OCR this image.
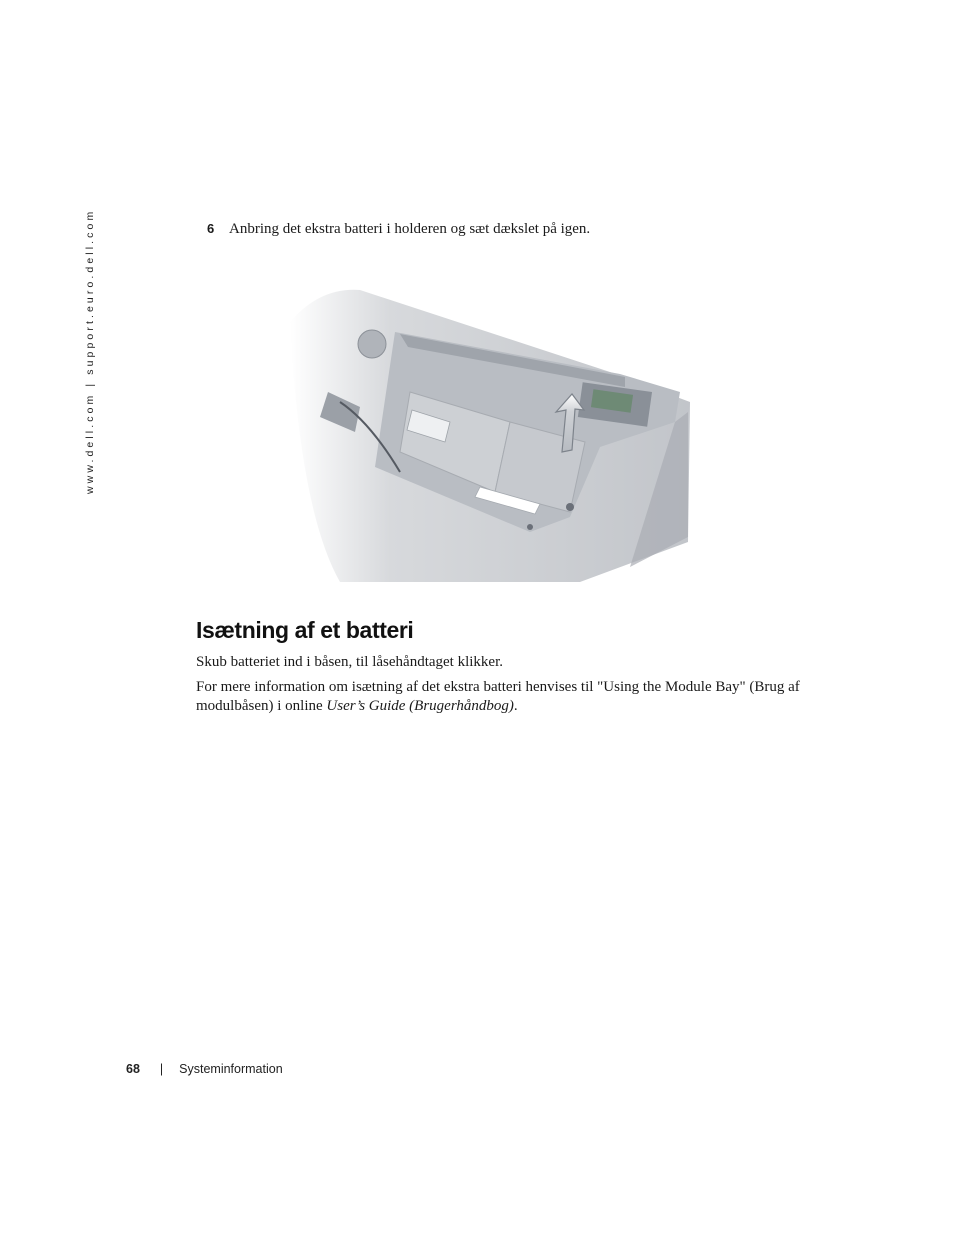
www.dell.com | support.euro.dell.com	6 Anbring det ekstra batteri i holderen og sæt dækslet på igen.
Isætning af et batteri

Skub batteriet ind i båsen, til låsehåndtaget klikker.

For mere information om isætning af det ekstra batteri henvises til "Using the Module Bay" (Brug af modulbåsen) i online User’s Guide (Brugerhåndbog).

68 | Systeminformation
